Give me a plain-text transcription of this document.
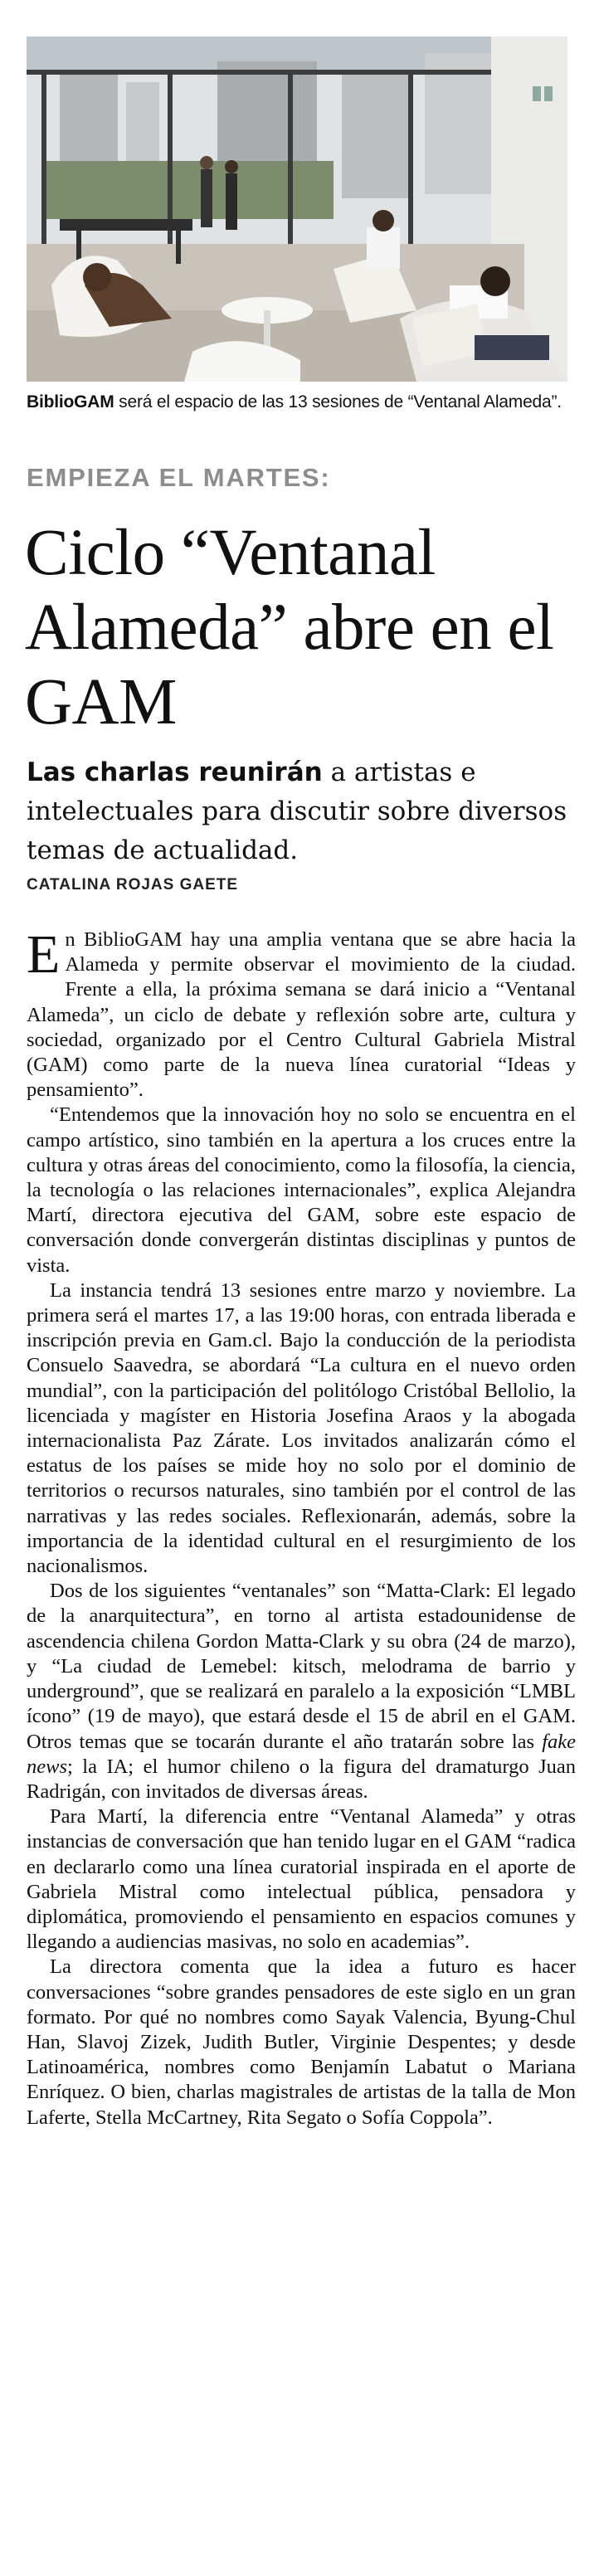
BiblioGAM será el espacio de las 13 sesiones de “Ventanal Alameda”.
EMPIEZA EL MARTES:
Ciclo “Ventanal Alameda” abre en el GAM
Las charlas reunirán a artistas e intelectuales para discutir sobre diversos temas de actualidad.
CATALINA ROJAS GAETE

En BiblioGAM hay una amplia ventana que se abre hacia la Alameda y permite observar el movimiento de la ciudad. Frente a ella, la próxima semana se dará inicio a “Ventanal Alameda”, un ciclo de debate y reflexión sobre arte, cultura y sociedad, organizado por el Centro Cultural Gabriela Mistral (GAM) como parte de la nueva línea curatorial “Ideas y pensamiento”.

“Entendemos que la innovación hoy no solo se encuentra en el campo artístico, sino también en la apertura a los cruces entre la cultura y otras áreas del conocimiento, como la filosofía, la ciencia, la tecnología o las relaciones internacionales”, explica Alejandra Martí, directora ejecutiva del GAM, sobre este espacio de conversación donde convergerán distintas disciplinas y puntos de vista.

La instancia tendrá 13 sesiones entre marzo y noviembre. La primera será el martes 17, a las 19:00 horas, con entrada liberada e inscripción previa en Gam.cl. Bajo la conducción de la periodista Consuelo Saavedra, se abordará “La cultura en el nuevo orden mundial”, con la participación del politólogo Cristóbal Bellolio, la licenciada y magíster en Historia Josefina Araos y la abogada internacionalista Paz Zárate. Los invitados analizarán cómo el estatus de los países se mide hoy no solo por el dominio de territorios o recursos naturales, sino también por el control de las narrativas y las redes sociales. Reflexionarán, además, sobre la importancia de la identidad cultural en el resurgimiento de los nacionalismos.

Dos de los siguientes “ventanales” son “Matta-Clark: El legado de la anarquitectura”, en torno al artista estadounidense de ascendencia chilena Gordon Matta-Clark y su obra (24 de marzo), y “La ciudad de Lemebel: kitsch, melodrama de barrio y underground”, que se realizará en paralelo a la exposición “LMBL ícono” (19 de mayo), que estará desde el 15 de abril en el GAM. Otros temas que se tocarán durante el año tratarán sobre las fake news; la IA; el humor chileno o la figura del dramaturgo Juan Radrigán, con invitados de diversas áreas.

Para Martí, la diferencia entre “Ventanal Alameda” y otras instancias de conversación que han tenido lugar en el GAM “radica en declararlo como una línea curatorial inspirada en el aporte de Gabriela Mistral como intelectual pública, pensadora y diplomática, promoviendo el pensamiento en espacios comunes y llegando a audiencias masivas, no solo en academias”.

La directora comenta que la idea a futuro es hacer conversaciones “sobre grandes pensadores de este siglo en un gran formato. Por qué no nombres como Sayak Valencia, Byung-Chul Han, Slavoj Zizek, Judith Butler, Virginie Despentes; y desde Latinoamérica, nombres como Benjamín Labatut o Mariana Enríquez. O bien, charlas magistrales de artistas de la talla de Mon Laferte, Stella McCartney, Rita Segato o Sofía Coppola”.
